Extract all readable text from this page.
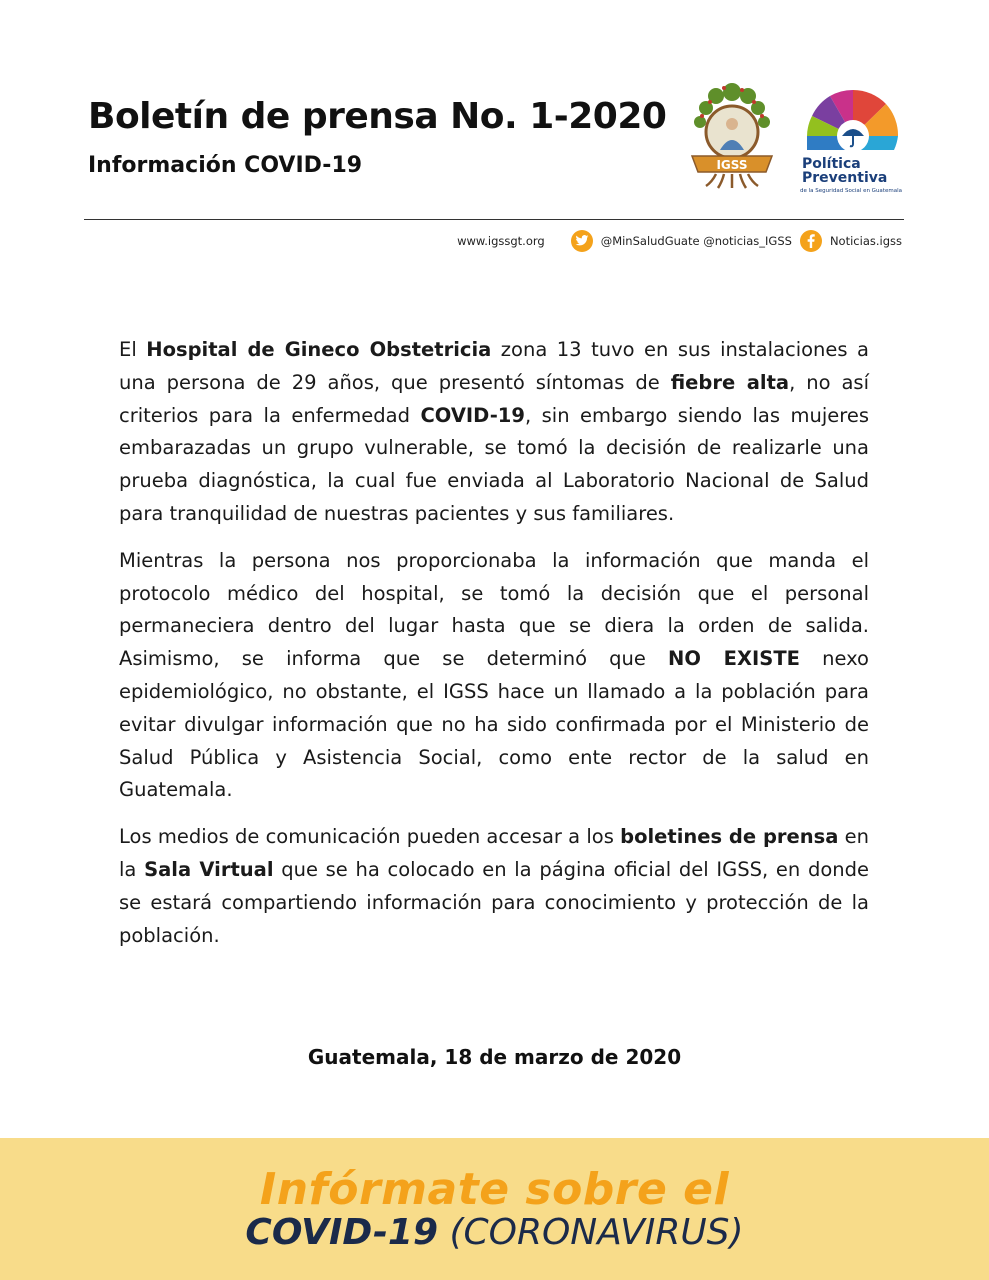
Boletín de prensa No. 1-2020
Información COVID-19	IGSS	Política
Preventiva
de la Seguridad Social en Guatemala
www.igssgt.org	@MinSaludGuate @noticias_IGSS	Noticias.igss

El Hospital de Gineco Obstetricia zona 13 tuvo en sus instalaciones a una persona de 29 años, que presentó síntomas de fiebre alta, no así criterios para la enfermedad COVID-19, sin embargo siendo las mujeres embarazadas un grupo vulnerable, se tomó la decisión de realizarle una prueba diagnóstica, la cual fue enviada al Laboratorio Nacional de Salud para tranquilidad de nuestras pacientes y sus familiares.

Mientras la persona nos proporcionaba la información que manda el protocolo médico del hospital, se tomó la decisión que el personal permaneciera dentro del lugar hasta que se diera la orden de salida. Asimismo, se informa que se determinó que NO EXISTE nexo epidemiológico, no obstante, el IGSS hace un llamado a la población para evitar divulgar información que no ha sido confirmada por el Ministerio de Salud Pública y Asistencia Social, como ente rector de la salud en Guatemala.

Los medios de comunicación pueden accesar a los boletines de prensa en la Sala Virtual que se ha colocado en la página oficial del IGSS, en donde se estará compartiendo información para conocimiento y protección de la población.

Guatemala, 18 de marzo de 2020

Infórmate sobre el

COVID-19 (CORONAVIRUS)
